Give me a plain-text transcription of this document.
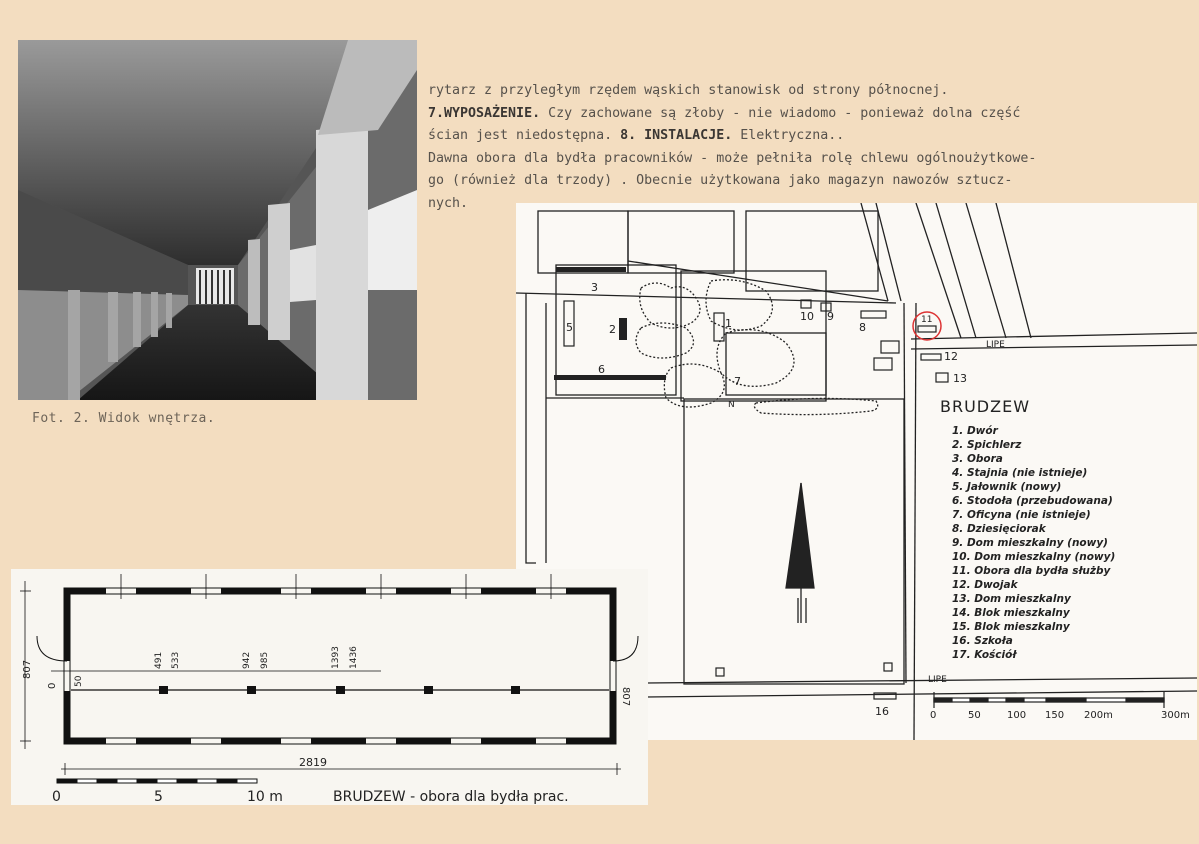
Fot. 2. Widok wnętrza.

rytarz z przyległym rzędem wąskich stanowisk od strony północnej.

7.WYPOSAŻENIE. Czy zachowane są złoby - nie wiadomo - ponieważ dolna część

ścian jest niedostępna. 8. INSTALACJE. Elektryczna..

Dawna obora dla bydła pracowników - może pełniła rolę chlewu ogólnoużytkowe-

go (również dla trzody) . Obecnie użytkowana jako magazyn nawozów sztucz-

nych.

1
2
3
5
6
7
8
9
10	11
12
13
16
N
LIPE
LIPE
BRUDZEW
1. Dwór
2. Spichlerz
3. Obora
4. Stajnia (nie istnieje)
5. Jałownik (nowy)
6. Stodoła (przebudowana)
7. Oficyna (nie istnieje)
8. Dziesięciorak
9. Dom mieszkalny (nowy)
10. Dom mieszkalny (nowy)
11. Obora dla bydła służby
12. Dwojak
13. Dom mieszkalny
14. Blok mieszkalny
15. Blok mieszkalny
16. Szkoła
17. Kościół
0	50	100 150 200m	300m
807
807
2819
0 50
491 533	942 985	1393 1436
0	5	10 m	BRUDZEW - obora dla bydła prac.
